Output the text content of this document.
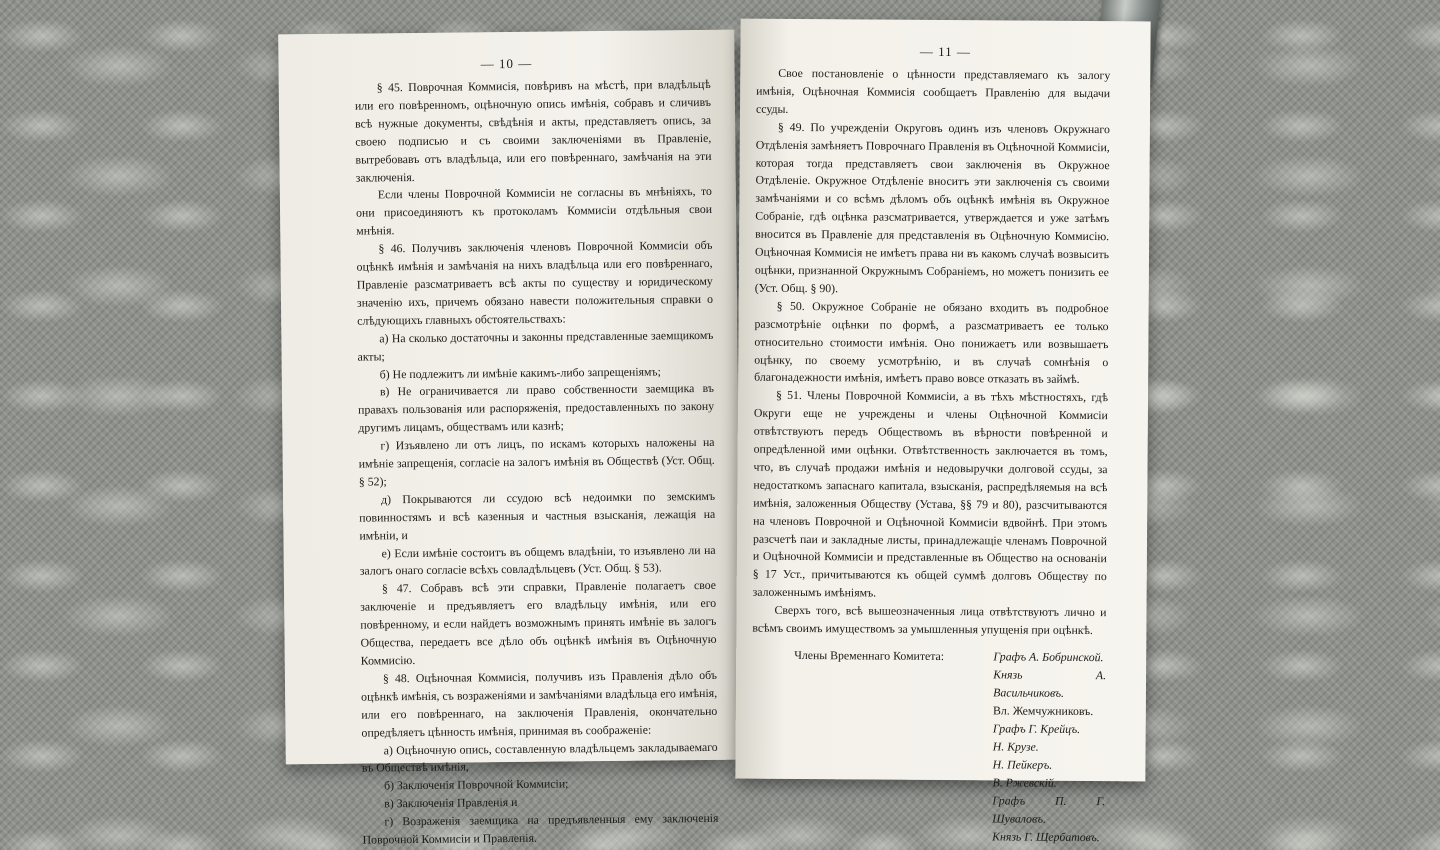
— 10 —

§ 45. Поврочная Коммисія, повѣривъ на мѣстѣ, при владѣльцѣ или его повѣренномъ, оцѣночную опись имѣнія, собравъ и сличивъ всѣ нужные документы, свѣдѣнія и акты, представляетъ опись, за своею подписью и съ своими заключеніями въ Правленіе, вытребовавъ отъ владѣльца, или его повѣреннаго, замѣчанія на эти заключенія.

Если члены Поврочной Коммисіи не согласны въ мнѣніяхъ, то они присоединяютъ къ протоколамъ Коммисіи отдѣльныя свои мнѣнія.

§ 46. Получивъ заключенія членовъ Поврочной Коммисіи объ оцѣнкѣ имѣнія и замѣчанія на нихъ владѣльца или его повѣреннаго, Правленіе разсматриваетъ всѣ акты по существу и юридическому значенію ихъ, причемъ обязано навести положительныя справки о слѣдующихъ главныхъ обстоятельствахъ:

а) На сколько достаточны и законны представленные заемщикомъ акты;

б) Не подлежитъ ли имѣніе какимъ-либо запрещеніямъ;

в) Не ограничивается ли право собственности заемщика въ правахъ пользованія или распоряженія, предоставленныхъ по закону другимъ лицамъ, обществамъ или казнѣ;

г) Изъявлено ли отъ лицъ, по искамъ которыхъ наложены на имѣніе запрещенія, согласіе на залогъ имѣнія въ Обществѣ (Уст. Общ. § 52);

д) Покрываются ли ссудою всѣ недоимки по земскимъ повинностямъ и всѣ казенныя и частныя взысканія, лежащія на имѣніи, и

е) Если имѣніе состоитъ въ общемъ владѣніи, то изъявлено ли на залогъ онаго согласіе всѣхъ совладѣльцевъ (Уст. Общ. § 53).

§ 47. Собравъ всѣ эти справки, Правленіе полагаетъ свое заключеніе и предъявляетъ его владѣльцу имѣнія, или его повѣренному, и если найдетъ возможнымъ принять имѣніе въ залогъ Общества, передаетъ все дѣло объ оцѣнкѣ имѣнія въ Оцѣночную Коммисію.

§ 48. Оцѣночная Коммисія, получивъ изъ Правленія дѣло объ оцѣнкѣ имѣнія, съ возраженіями и замѣчаніями владѣльца его имѣнія, или его повѣреннаго, на заключенія Правленія, окончательно опредѣляетъ цѣнность имѣнія, принимая въ соображеніе:

а) Оцѣночную опись, составленную владѣльцемъ закладываемаго въ Обществѣ имѣнія,

б) Заключенія Поврочной Коммисіи;

в) Заключенія Правленія и

г) Возраженія заемщика на предъявленныя ему заключенія Поврочной Коммисіи и Правленія.

— 11 —

Свое постановленіе о цѣнности представляемаго къ залогу имѣнія, Оцѣночная Коммисія сообщаетъ Правленію для выдачи ссуды.

§ 49. По учрежденіи Округовъ одинъ изъ членовъ Окружнаго Отдѣленія замѣняетъ Поврочнаго Правленія въ Оцѣночной Коммисіи, которая тогда представляетъ свои заключенія въ Окружное Отдѣленіе. Окружное Отдѣленіе вноситъ эти заключенія съ своими замѣчаніями и со всѣмъ дѣломъ объ оцѣнкѣ имѣнія въ Окружное Собраніе, гдѣ оцѣнка разсматривается, утверждается и уже затѣмъ вносится въ Правленіе для представленія въ Оцѣночную Коммисію. Оцѣночная Коммисія не имѣетъ права ни въ какомъ случаѣ возвысить оцѣнки, признанной Окружнымъ Собраніемъ, но можетъ понизить ее (Уст. Общ. § 90).

§ 50. Окружное Собраніе не обязано входить въ подробное разсмотрѣніе оцѣнки по формѣ, а разсматриваетъ ее только относительно стоимости имѣнія. Оно понижаетъ или возвышаетъ оцѣнку, по своему усмотрѣнію, и въ случаѣ сомнѣнія о благонадежности имѣнія, имѣетъ право вовсе отказать въ займѣ.

§ 51. Члены Поврочной Коммисіи, а въ тѣхъ мѣстностяхъ, гдѣ Округи еще не учреждены и члены Оцѣночной Коммисіи отвѣтствуютъ передъ Обществомъ въ вѣрности повѣренной и опредѣленной ими оцѣнки. Отвѣтственность заключается въ томъ, что, въ случаѣ продажи имѣнія и недовыручки долговой ссуды, за недостаткомъ запаснаго капитала, взысканія, распредѣляемыя на всѣ имѣнія, заложенныя Обществу (Устава, §§ 79 и 80), разсчитываются на членовъ Поврочной и Оцѣночной Коммисіи вдвойнѣ. При этомъ разсчетѣ паи и закладные листы, принадлежащіе членамъ Поврочной и Оцѣночной Коммисіи и представленные въ Общество на основаніи § 17 Уст., причитываются къ общей суммѣ долговъ Обществу по заложеннымъ имѣніямъ.

Сверхъ того, всѣ вышеозначенныя лица отвѣтствуютъ лично и всѣмъ своимъ имуществомъ за умышленныя упущенія при оцѣнкѣ.

Члены Временнаго Комитета:	Графъ А. Бобринской.
Князь А. Васильчиковъ.
Вл. Жемчужниковъ.
Графъ Г. Крейцъ.
Н. Крузе.
Н. Пейкеръ.
В. Ржевскій.
Графъ П. Г. Шуваловъ.
Князь Г. Щербатовъ.
